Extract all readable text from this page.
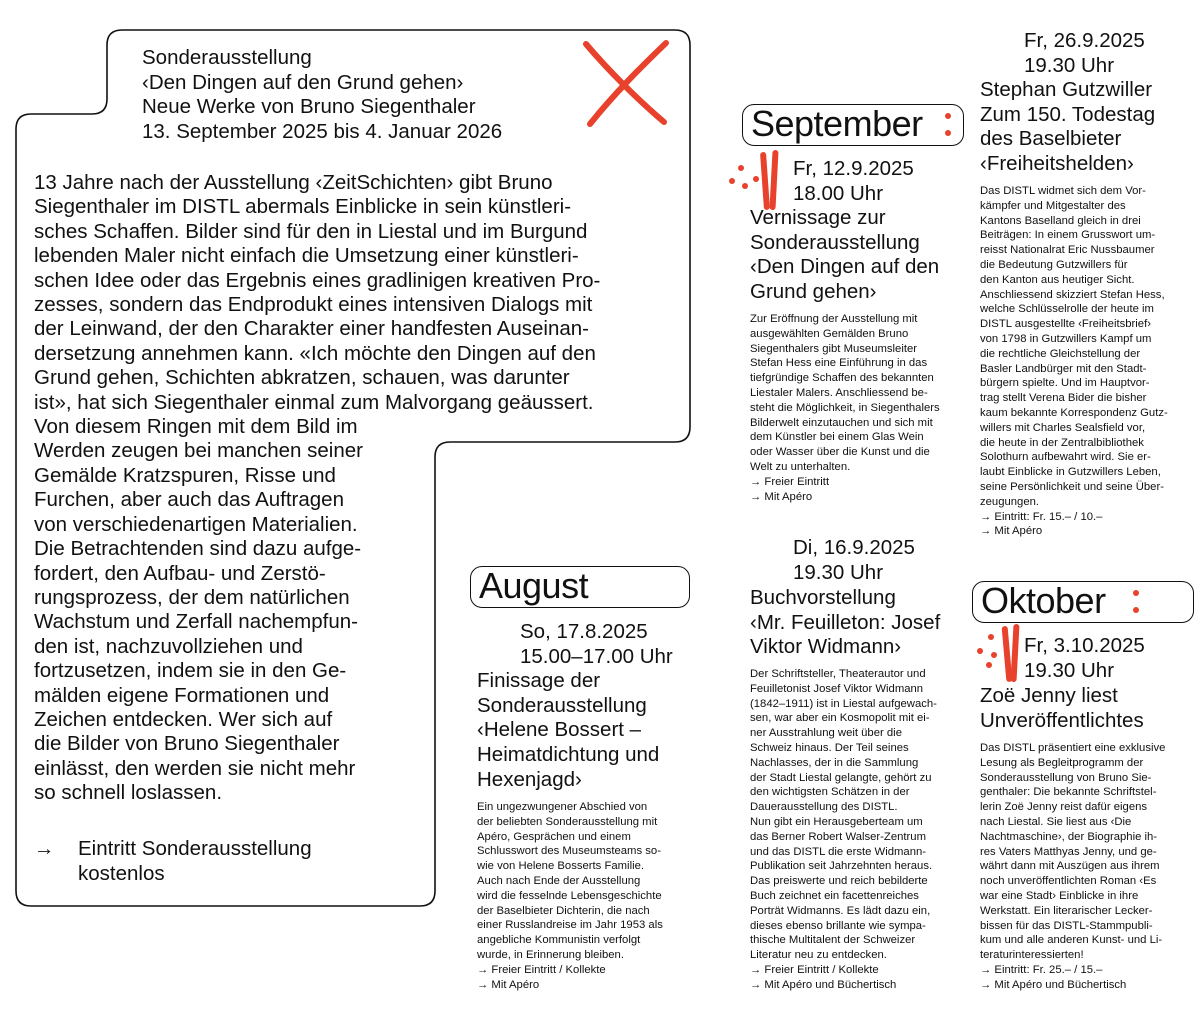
Sonderausstellung
‹Den Dingen auf den Grund gehen›
Neue Werke von Bruno Siegenthaler
13. September 2025 bis 4. Januar 2026
13 Jahre nach der Ausstellung ‹ZeitSchichten› gibt Bruno
Siegenthaler im DISTL abermals Einblicke in sein künstleri-
sches Schaffen. Bilder sind für den in Liestal und im Burgund
lebenden Maler nicht einfach die Umsetzung einer künstleri-
schen Idee oder das Ergebnis eines gradlinigen kreativen Pro-
zesses, sondern das Endprodukt eines intensiven Dialogs mit
der Leinwand, der den Charakter einer handfesten Auseinan-
dersetzung annehmen kann. «Ich möchte den Dingen auf den
Grund gehen, Schichten abkratzen, schauen, was darunter
ist», hat sich Siegenthaler einmal zum Malvorgang geäussert.
Von diesem Ringen mit dem Bild im
Werden zeugen bei manchen seiner
Gemälde Kratzspuren, Risse und
Furchen, aber auch das Auftragen
von verschiedenartigen Materialien.
Die Betrachtenden sind dazu aufge-
fordert, den Aufbau- und Zerstö-
rungsprozess, der dem natürlichen
Wachstum und Zerfall nachempfun-
den ist, nachzuvollziehen und
fortzusetzen, indem sie in den Ge-
mälden eigene Formationen und
Zeichen entdecken. Wer sich auf
die Bilder von Bruno Siegenthaler
einlässt, den werden sie nicht mehr
so schnell loslassen.
→ Eintritt Sonderausstellung
kostenlos
August
So, 17.8.2025
15.00–17.00 Uhr
Finissage der
Sonderausstellung
‹Helene Bossert –
Heimatdichtung und
Hexenjagd›
Ein ungezwungener Abschied von
der beliebten Sonderausstellung mit
Apéro, Gesprächen und einem
Schlusswort des Museumsteams so-
wie von Helene Bosserts Familie.
Auch nach Ende der Ausstellung
wird die fesselnde Lebensgeschichte
der Baselbieter Dichterin, die nach
einer Russlandreise im Jahr 1953 als
angebliche Kommunistin verfolgt
wurde, in Erinnerung bleiben.
→ Freier Eintritt / Kollekte
→ Mit Apéro
September
Fr, 12.9.2025
18.00 Uhr
Vernissage zur
Sonderausstellung
‹Den Dingen auf den
Grund gehen›
Zur Eröffnung der Ausstellung mit
ausgewählten Gemälden Bruno
Siegenthalers gibt Museumsleiter
Stefan Hess eine Einführung in das
tiefgründige Schaffen des bekannten
Liestaler Malers. Anschliessend be-
steht die Möglichkeit, in Siegenthalers
Bilderwelt einzutauchen und sich mit
dem Künstler bei einem Glas Wein
oder Wasser über die Kunst und die
Welt zu unterhalten.
→ Freier Eintritt
→ Mit Apéro
Di, 16.9.2025
19.30 Uhr
Buchvorstellung
‹Mr. Feuilleton: Josef
Viktor Widmann›
Der Schriftsteller, Theaterautor und
Feuilletonist Josef Viktor Widmann
(1842–1911) ist in Liestal aufgewach-
sen, war aber ein Kosmopolit mit ei-
ner Ausstrahlung weit über die
Schweiz hinaus. Der Teil seines
Nachlasses, der in die Sammlung
der Stadt Liestal gelangte, gehört zu
den wichtigsten Schätzen in der
Dauerausstellung des DISTL.
Nun gibt ein Herausgeberteam um
das Berner Robert Walser-Zentrum
und das DISTL die erste Widmann-
Publikation seit Jahrzehnten heraus.
Das preiswerte und reich bebilderte
Buch zeichnet ein facettenreiches
Porträt Widmanns. Es lädt dazu ein,
dieses ebenso brillante wie sympa-
thische Multitalent der Schweizer
Literatur neu zu entdecken.
→ Freier Eintritt / Kollekte
→ Mit Apéro und Büchertisch
Fr, 26.9.2025
19.30 Uhr
Stephan Gutzwiller
Zum 150. Todestag
des Baselbieter
‹Freiheitshelden›
Das DISTL widmet sich dem Vor-
kämpfer und Mitgestalter des
Kantons Baselland gleich in drei
Beiträgen: In einem Grusswort um-
reisst Nationalrat Eric Nussbaumer
die Bedeutung Gutzwillers für
den Kanton aus heutiger Sicht.
Anschliessend skizziert Stefan Hess,
welche Schlüsselrolle der heute im
DISTL ausgestellte ‹Freiheitsbrief›
von 1798 in Gutzwillers Kampf um
die rechtliche Gleichstellung der
Basler Landbürger mit den Stadt-
bürgern spielte. Und im Hauptvor-
trag stellt Verena Bider die bisher
kaum bekannte Korrespondenz Gutz-
willers mit Charles Sealsfield vor,
die heute in der Zentralbibliothek
Solothurn aufbewahrt wird. Sie er-
laubt Einblicke in Gutzwillers Leben,
seine Persönlichkeit und seine Über-
zeugungen.
→ Eintritt: Fr. 15.– / 10.–
→ Mit Apéro
Oktober
Fr, 3.10.2025
19.30 Uhr
Zoë Jenny liest
Unveröffentlichtes
Das DISTL präsentiert eine exklusive
Lesung als Begleitprogramm der
Sonderausstellung von Bruno Sie-
genthaler: Die bekannte Schriftstel-
lerin Zoë Jenny reist dafür eigens
nach Liestal. Sie liest aus ‹Die
Nachtmaschine›, der Biographie ih-
res Vaters Matthyas Jenny, und ge-
währt dann mit Auszügen aus ihrem
noch unveröffentlichten Roman ‹Es
war eine Stadt› Einblicke in ihre
Werkstatt. Ein literarischer Lecker-
bissen für das DISTL-Stammpubli-
kum und alle anderen Kunst- und Li-
teraturinteressierten!
→ Eintritt: Fr. 25.– / 15.–
→ Mit Apéro und Büchertisch
